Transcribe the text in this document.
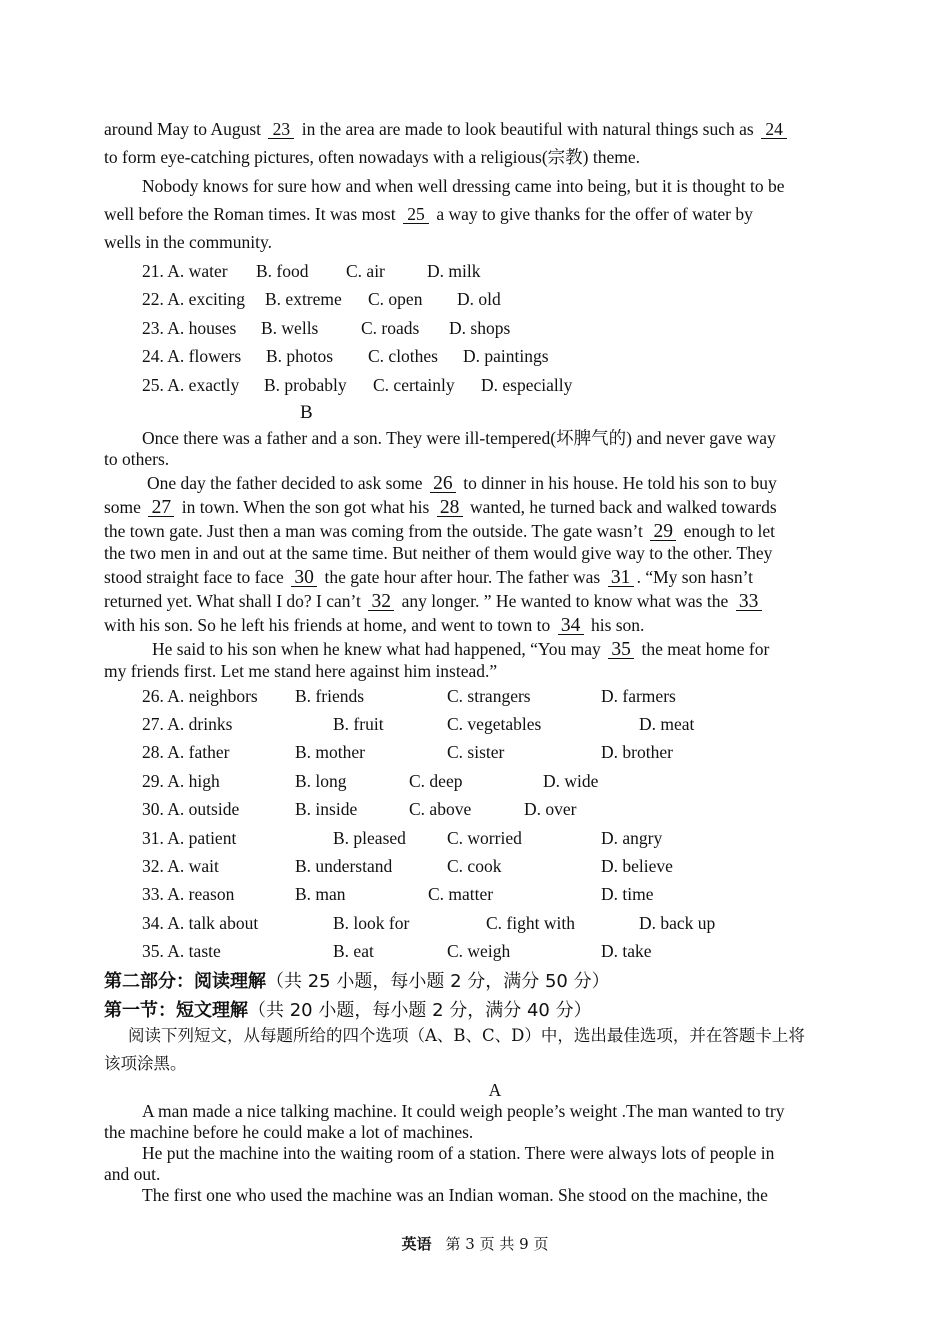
around May to August 23 in the area are made to look beautiful with natural things such as 24
to form eye-catching pictures, often nowadays with a religious(宗教) theme.
Nobody knows for sure how and when well dressing came into being, but it is thought to be
well before the Roman times. It was most 25 a way to give thanks for the offer of water by
wells in the community.
21. A. water B. food C. air D. milk
22. A. exciting B. extreme C. open D. old
23. A. houses B. wells C. roads D. shops
24. A. flowers B. photos C. clothes D. paintings
25. A. exactly B. probably C. certainly D. especially
B
Once there was a father and a son. They were ill-tempered(坏脾气的) and never gave way
to others.
One day the father decided to ask some 26 to dinner in his house. He told his son to buy
some 27 in town. When the son got what his 28 wanted, he turned back and walked towards
the town gate. Just then a man was coming from the outside. The gate wasn’t 29 enough to let
the two men in and out at the same time. But neither of them would give way to the other. They
stood straight face to face 30 the gate hour after hour. The father was 31 . “My son hasn’t
returned yet. What shall I do? I can’t 32 any longer. ” He wanted to know what was the 33
with his son. So he left his friends at home, and went to town to 34 his son.
He said to his son when he knew what had happened, “You may 35 the meat home for
my friends first. Let me stand here against him instead.”
26. A. neighbors B. friends	C. strangers	D. farmers
27. A. drinks	B. fruit	C. vegetables	D. meat
28. A. father	B. mother	C. sister	D. brother
29. A. high	B. long	C. deep	D. wide
30. A. outside	B. inside	C. above	D. over
31. A. patient	B. pleased C. worried	D. angry
32. A. wait	B. understand	C. cook	D. believe
33. A. reason	B. man	C. matter	D. time
34. A. talk about	B. look for	C. fight with	D. back up
35. A. taste	B. eat	C. weigh	D. take
第二部分：阅读理解（共 25 小题，每小题 2 分，满分 50 分）
第一节：短文理解（共 20 小题，每小题 2 分，满分 40 分）
阅读下列短文，从每题所给的四个选项（A、B、C、D）中，选出最佳选项，并在答题卡上将
该项涂黑。
A
A man made a nice talking machine. It could weigh people’s weight .The man wanted to try
the machine before he could make a lot of machines.
He put the machine into the waiting room of a station. There were always lots of people in
and out.
The first one who used the machine was an Indian woman. She stood on the machine, the
英语 第 3 页 共 9 页
